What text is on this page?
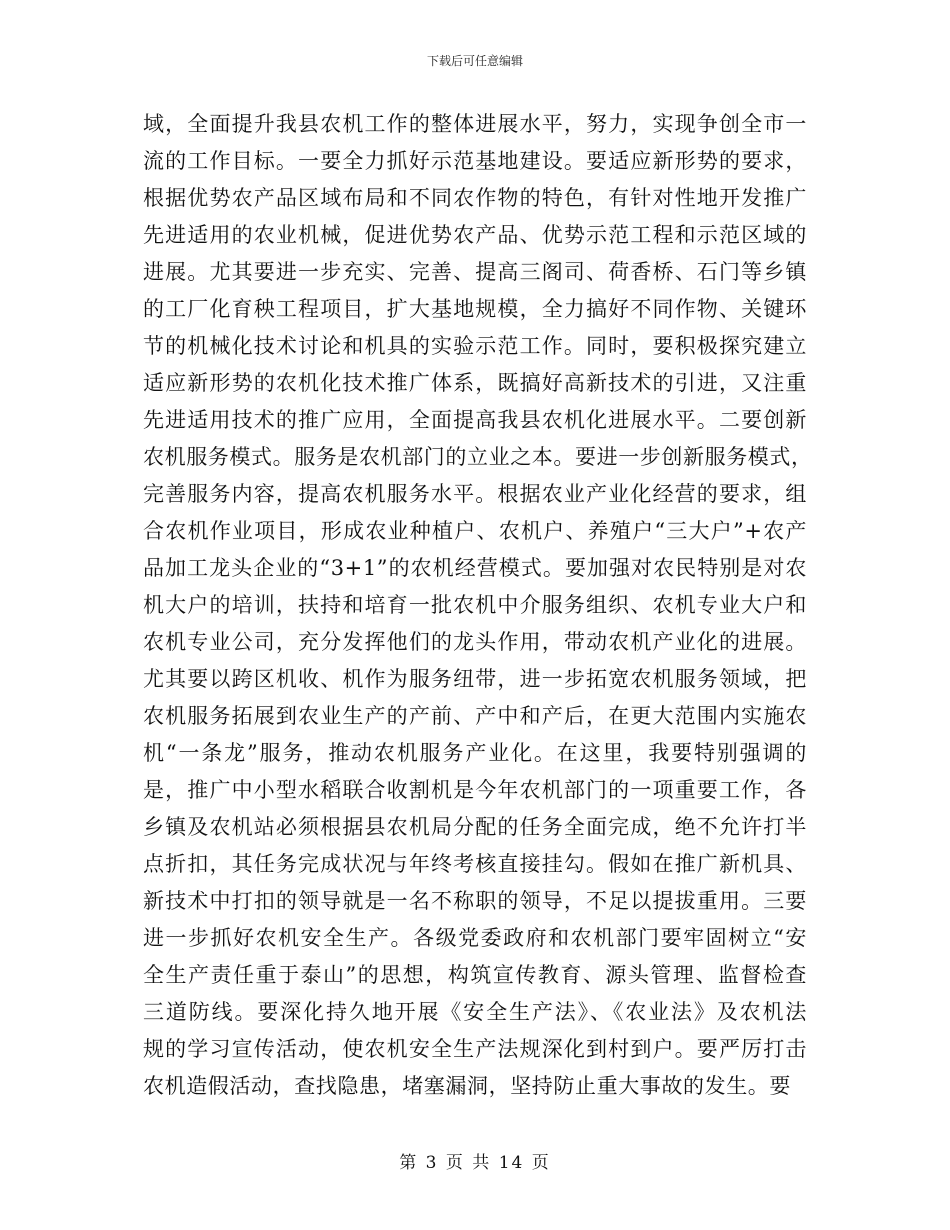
下载后可任意编辑
域，全面提升我县农机工作的整体进展水平，努力，实现争创全市一
流的工作目标。一要全力抓好示范基地建设。要适应新形势的要求，
根据优势农产品区域布局和不同农作物的特色，有针对性地开发推广
先进适用的农业机械，促进优势农产品、优势示范工程和示范区域的
进展。尤其要进一步充实、完善、提高三阁司、荷香桥、石门等乡镇
的工厂化育秧工程项目，扩大基地规模，全力搞好不同作物、关键环
节的机械化技术讨论和机具的实验示范工作。同时，要积极探究建立
适应新形势的农机化技术推广体系，既搞好高新技术的引进，又注重
先进适用技术的推广应用，全面提高我县农机化进展水平。二要创新
农机服务模式。服务是农机部门的立业之本。要进一步创新服务模式，
完善服务内容，提高农机服务水平。根据农业产业化经营的要求，组
合农机作业项目，形成农业种植户、农机户、养殖户“三大户”+农产
品加工龙头企业的“3+1”的农机经营模式。要加强对农民特别是对农
机大户的培训，扶持和培育一批农机中介服务组织、农机专业大户和
农机专业公司，充分发挥他们的龙头作用，带动农机产业化的进展。
尤其要以跨区机收、机作为服务纽带，进一步拓宽农机服务领域，把
农机服务拓展到农业生产的产前、产中和产后，在更大范围内实施农
机“一条龙”服务，推动农机服务产业化。在这里，我要特别强调的
是，推广中小型水稻联合收割机是今年农机部门的一项重要工作，各
乡镇及农机站必须根据县农机局分配的任务全面完成，绝不允许打半
点折扣，其任务完成状况与年终考核直接挂勾。假如在推广新机具、
新技术中打扣的领导就是一名不称职的领导，不足以提拔重用。三要
进一步抓好农机安全生产。各级党委政府和农机部门要牢固树立“安
全生产责任重于泰山”的思想，构筑宣传教育、源头管理、监督检查
三道防线。要深化持久地开展《安全生产法》、《农业法》及农机法
规的学习宣传活动，使农机安全生产法规深化到村到户。要严厉打击
农机造假活动，查找隐患，堵塞漏洞，坚持防止重大事故的发生。要
第 3 页 共 14 页
